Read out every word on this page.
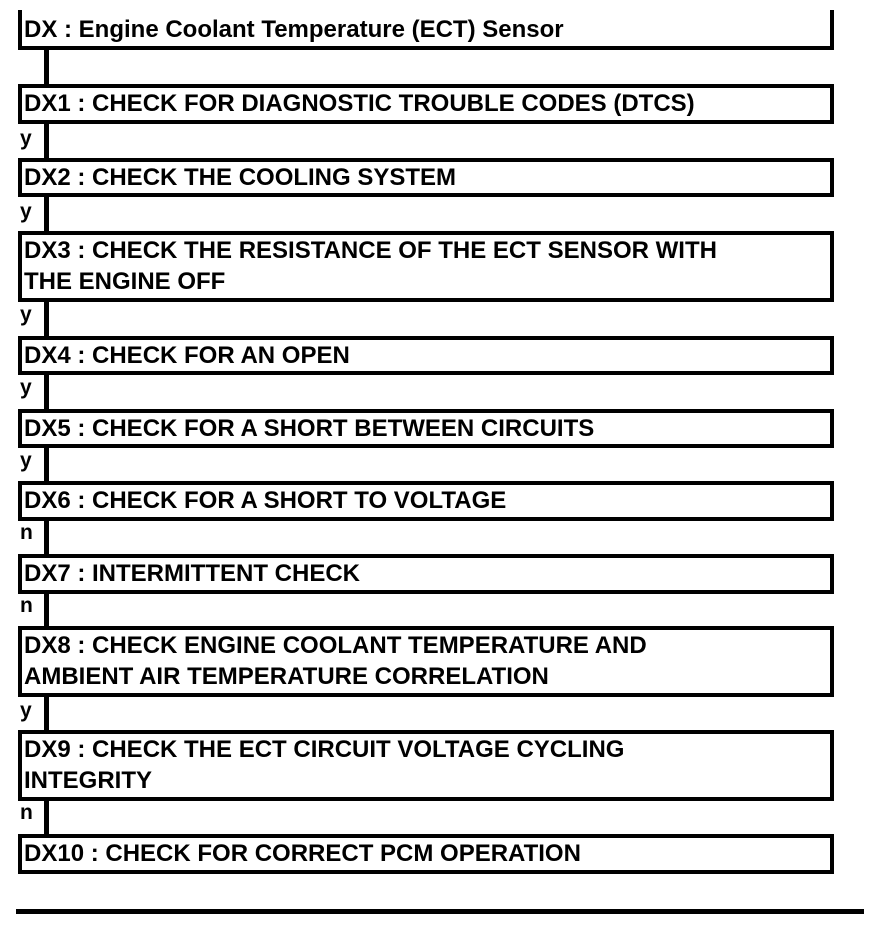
DX : Engine Coolant Temperature (ECT) Sensor
DX1 : CHECK FOR DIAGNOSTIC TROUBLE CODES (DTCS)
y
DX2 : CHECK THE COOLING SYSTEM
y
DX3 : CHECK THE RESISTANCE OF THE ECT SENSOR WITH
THE ENGINE OFF
y
DX4 : CHECK FOR AN OPEN
y
DX5 : CHECK FOR A SHORT BETWEEN CIRCUITS
y
DX6 : CHECK FOR A SHORT TO VOLTAGE
n
DX7 : INTERMITTENT CHECK
n
DX8 : CHECK ENGINE COOLANT TEMPERATURE AND
AMBIENT AIR TEMPERATURE CORRELATION
y
DX9 : CHECK THE ECT CIRCUIT VOLTAGE CYCLING
INTEGRITY
n
DX10 : CHECK FOR CORRECT PCM OPERATION
